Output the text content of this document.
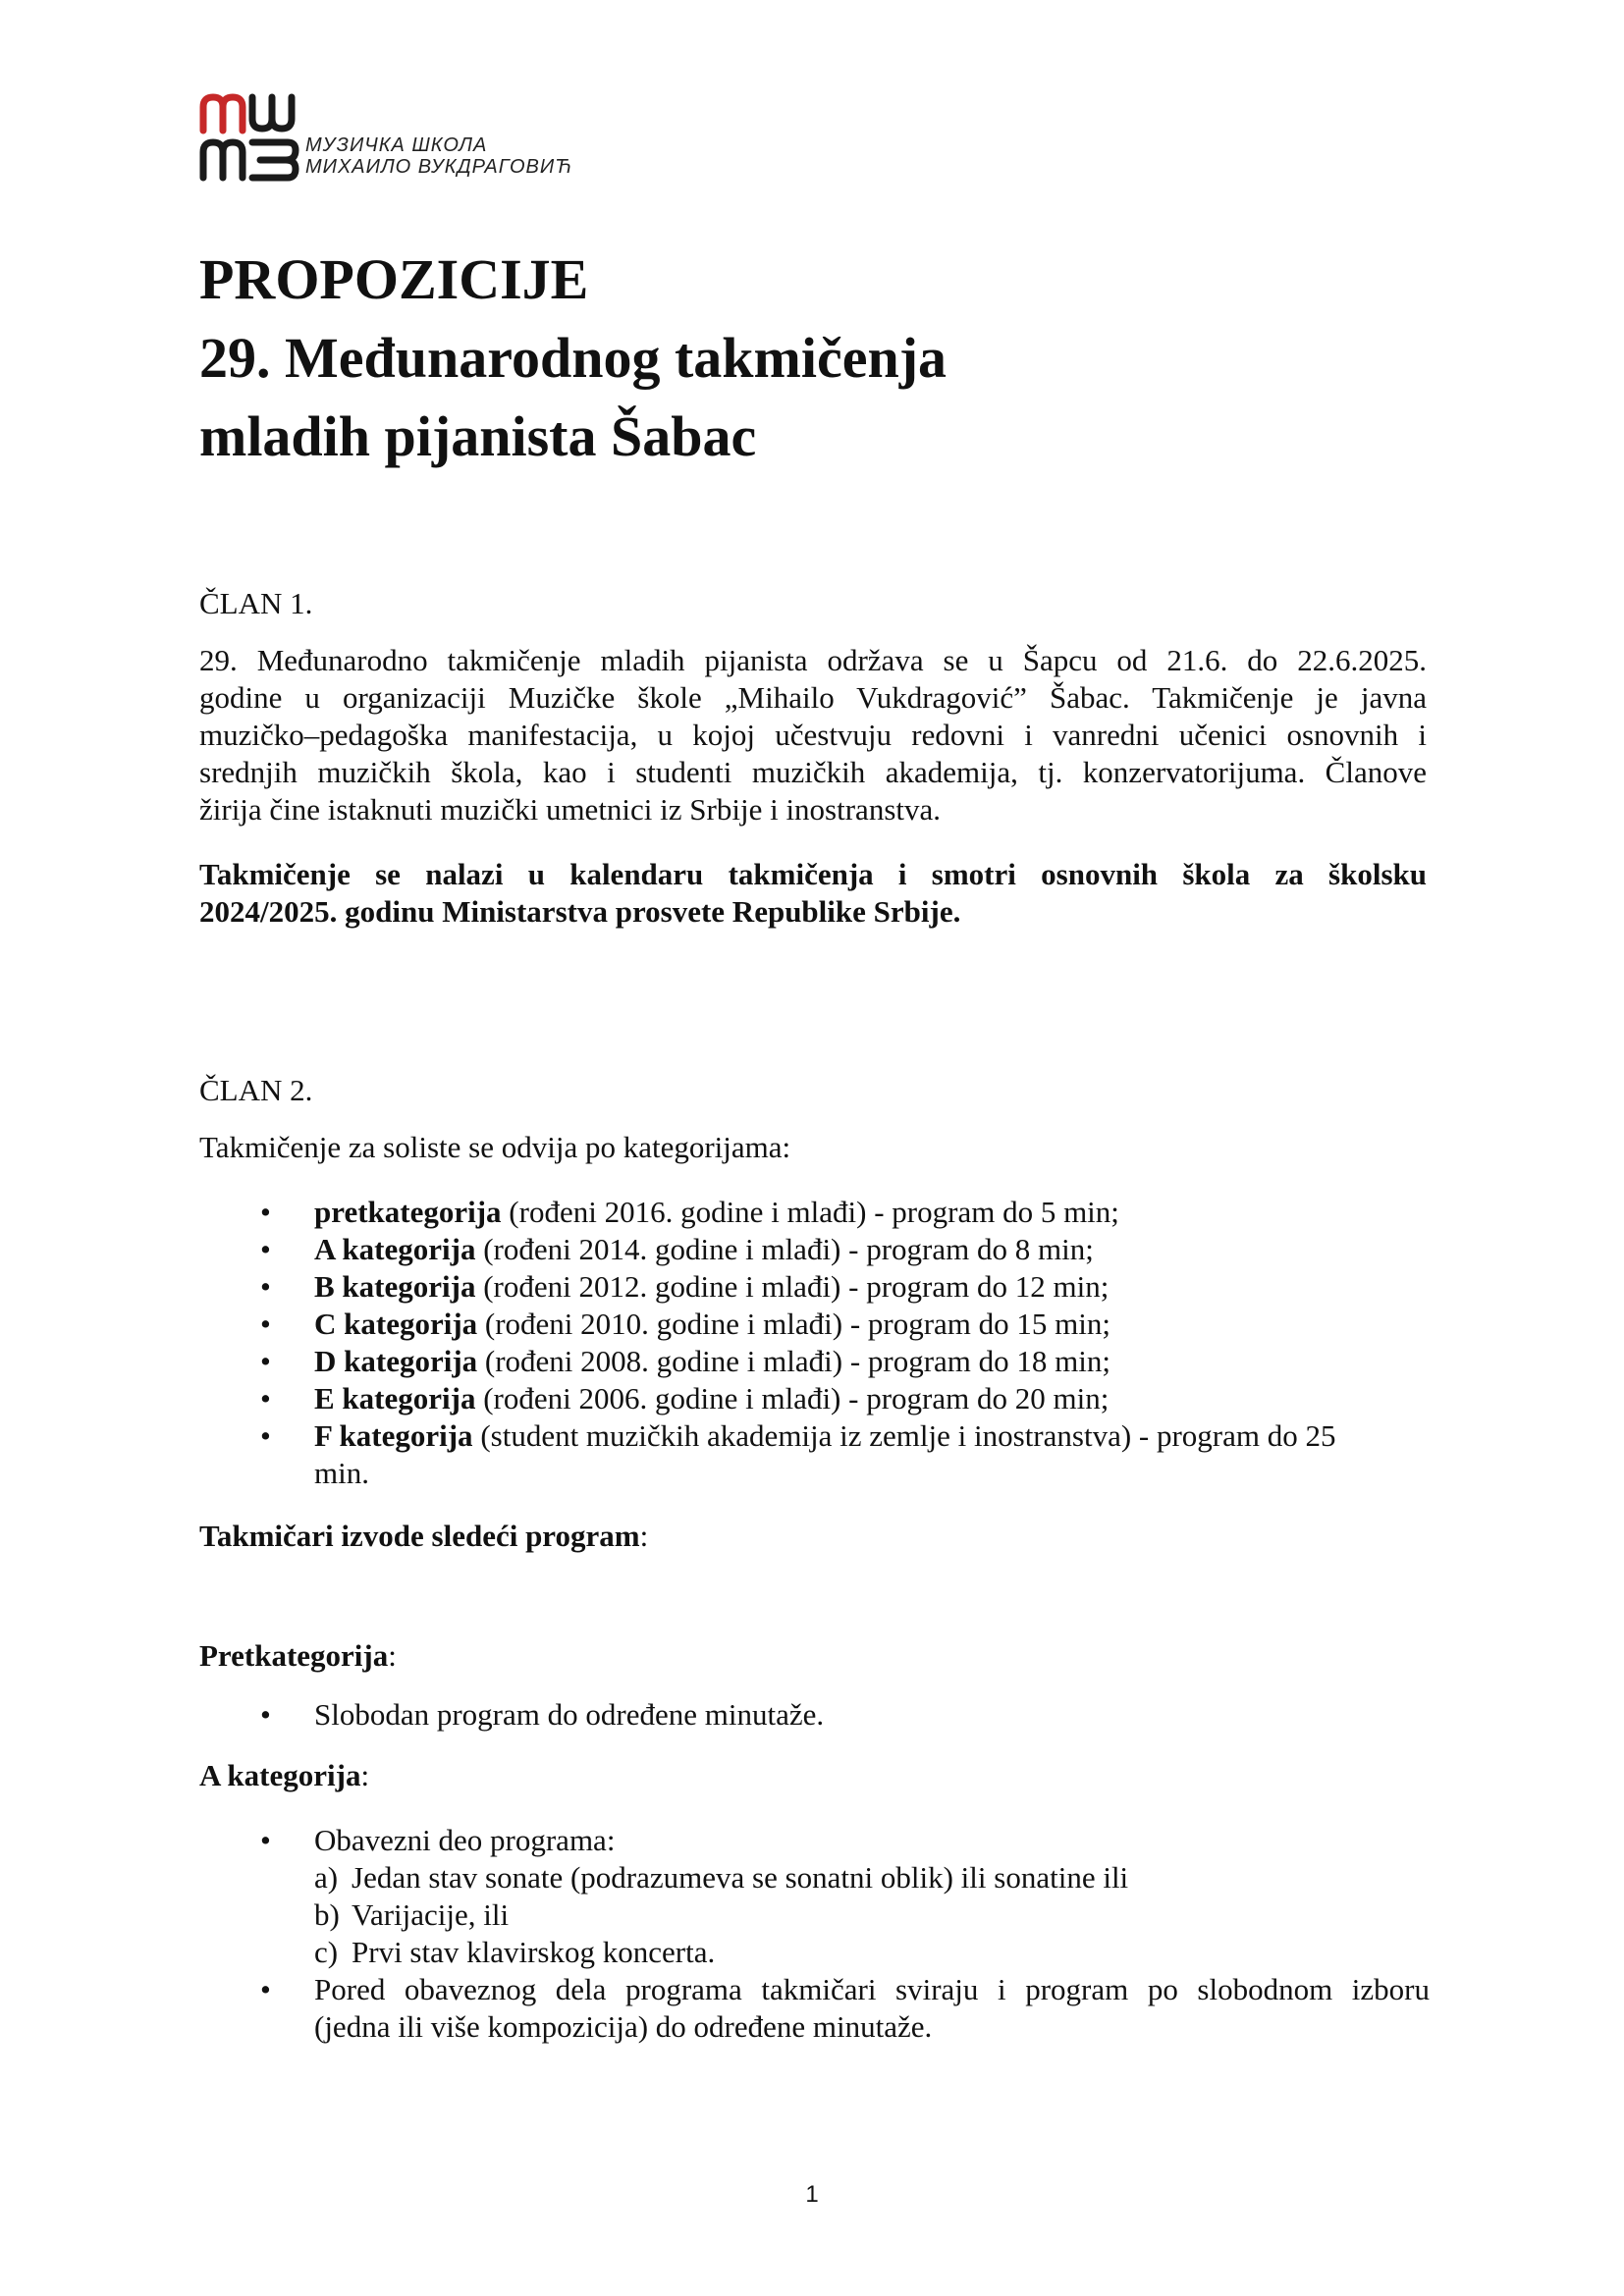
МУЗИЧКА ШКОЛА
МИХАИЛО ВУКДРАГОВИЋ
PROPOZICIJE
29. Međunarodnog takmičenja
mladih pijanista Šabac
ČLAN 1.
29. Međunarodno takmičenje mladih pijanista održava se u Šapcu od 21.6. do 22.6.2025.
godine u organizaciji Muzičke škole „Mihailo Vukdragović” Šabac. Takmičenje je javna
muzičko–pedagoška manifestacija, u kojoj učestvuju redovni i vanredni učenici osnovnih i
srednjih muzičkih škola, kao i studenti muzičkih akademija, tj. konzervatorijuma. Članove
žirija čine istaknuti muzički umetnici iz Srbije i inostranstva.
Takmičenje se nalazi u kalendaru takmičenja i smotri osnovnih škola za školsku
2024/2025. godinu Ministarstva prosvete Republike Srbije.
ČLAN 2.
Takmičenje za soliste se odvija po kategorijama:
• pretkategorija (rođeni 2016. godine i mlađi) - program do 5 min;
• A kategorija (rođeni 2014. godine i mlađi) - program do 8 min;
• B kategorija (rođeni 2012. godine i mlađi) - program do 12 min;
• C kategorija (rođeni 2010. godine i mlađi) - program do 15 min;
• D kategorija (rođeni 2008. godine i mlađi) - program do 18 min;
• E kategorija (rođeni 2006. godine i mlađi) - program do 20 min;
• F kategorija (student muzičkih akademija iz zemlje i inostranstva) - program do 25
min.
Takmičari izvode sledeći program:
Pretkategorija:
• Slobodan program do određene minutaže.
A kategorija:
• Obavezni deo programa:
a) Jedan stav sonate (podrazumeva se sonatni oblik) ili sonatine ili
b) Varijacije, ili
c) Prvi stav klavirskog koncerta.
• Pored obaveznog dela programa takmičari sviraju i program po slobodnom izboru
(jedna ili više kompozicija) do određene minutaže.
1
